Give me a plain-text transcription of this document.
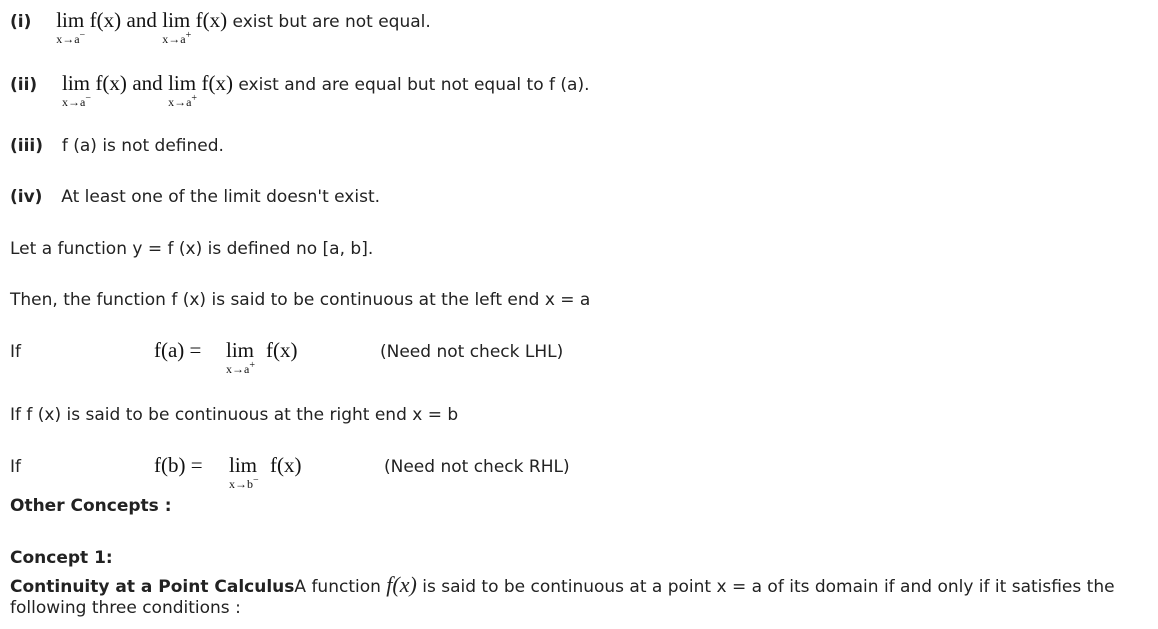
(i) lim
x→a−
f(x) and lim
x→a+
f(x) exist but are not equal.
(ii) lim
x→a−
f(x) and lim
x→a+
f(x) exist and are equal but not equal to f (a).
(iii) f (a) is not defined.
(iv) At least one of the limit doesn't exist.
Let a function y = f (x) is defined no [a, b].
Then, the function f (x) is said to be continuous at the left end x = a
If	f(a) = lim
x→a+
f(x)	(Need not check LHL)
If f (x) is said to be continuous at the right end x = b
If	f(b) = lim
x→b−
f(x)	(Need not check RHL)
Other Concepts :
Concept 1:
Continuity at a Point CalculusA function f(x) is said to be continuous at a point x = a of its domain if and only if it satisfies the
following three conditions :
